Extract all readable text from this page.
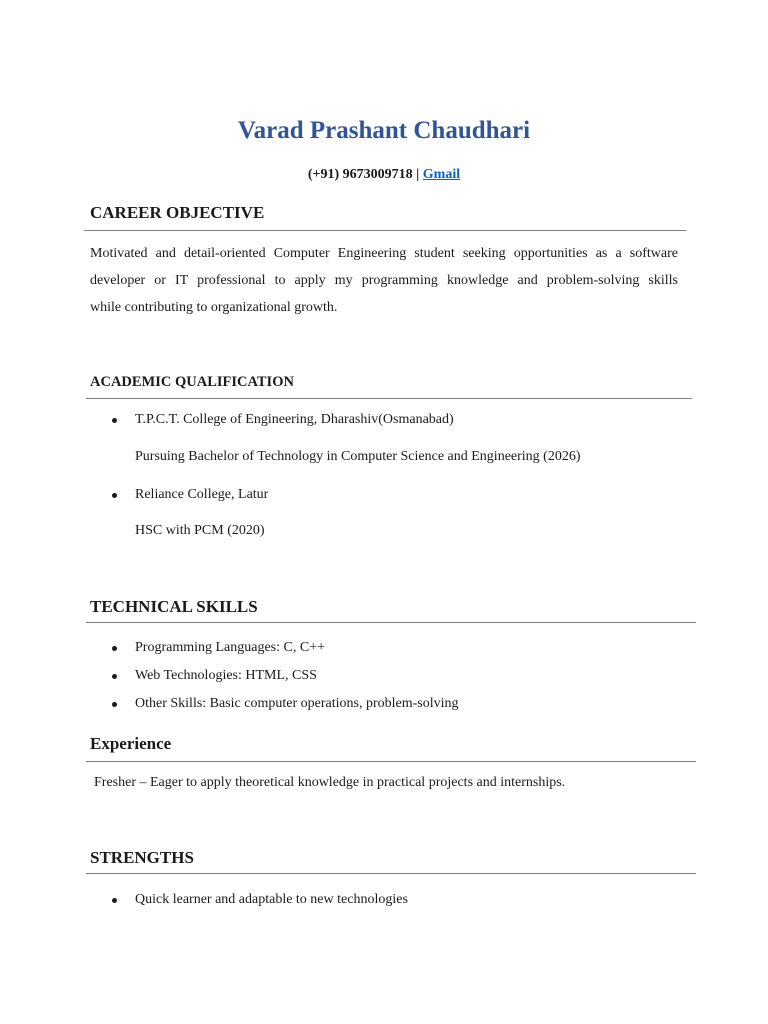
Varad Prashant Chaudhari
(+91) 9673009718 | Gmail
CAREER OBJECTIVE
Motivated and detail-oriented Computer Engineering student seeking opportunities as a software
developer or IT professional to apply my programming knowledge and problem-solving skills
while contributing to organizational growth.
ACADEMIC QUALIFICATION
T.P.C.T. College of Engineering, Dharashiv(Osmanabad)
Pursuing Bachelor of Technology in Computer Science and Engineering (2026)
Reliance College, Latur
HSC with PCM (2020)
TECHNICAL SKILLS
Programming Languages: C, C++
Web Technologies: HTML, CSS
Other Skills: Basic computer operations, problem-solving
Experience
Fresher – Eager to apply theoretical knowledge in practical projects and internships.
STRENGTHS
Quick learner and adaptable to new technologies
